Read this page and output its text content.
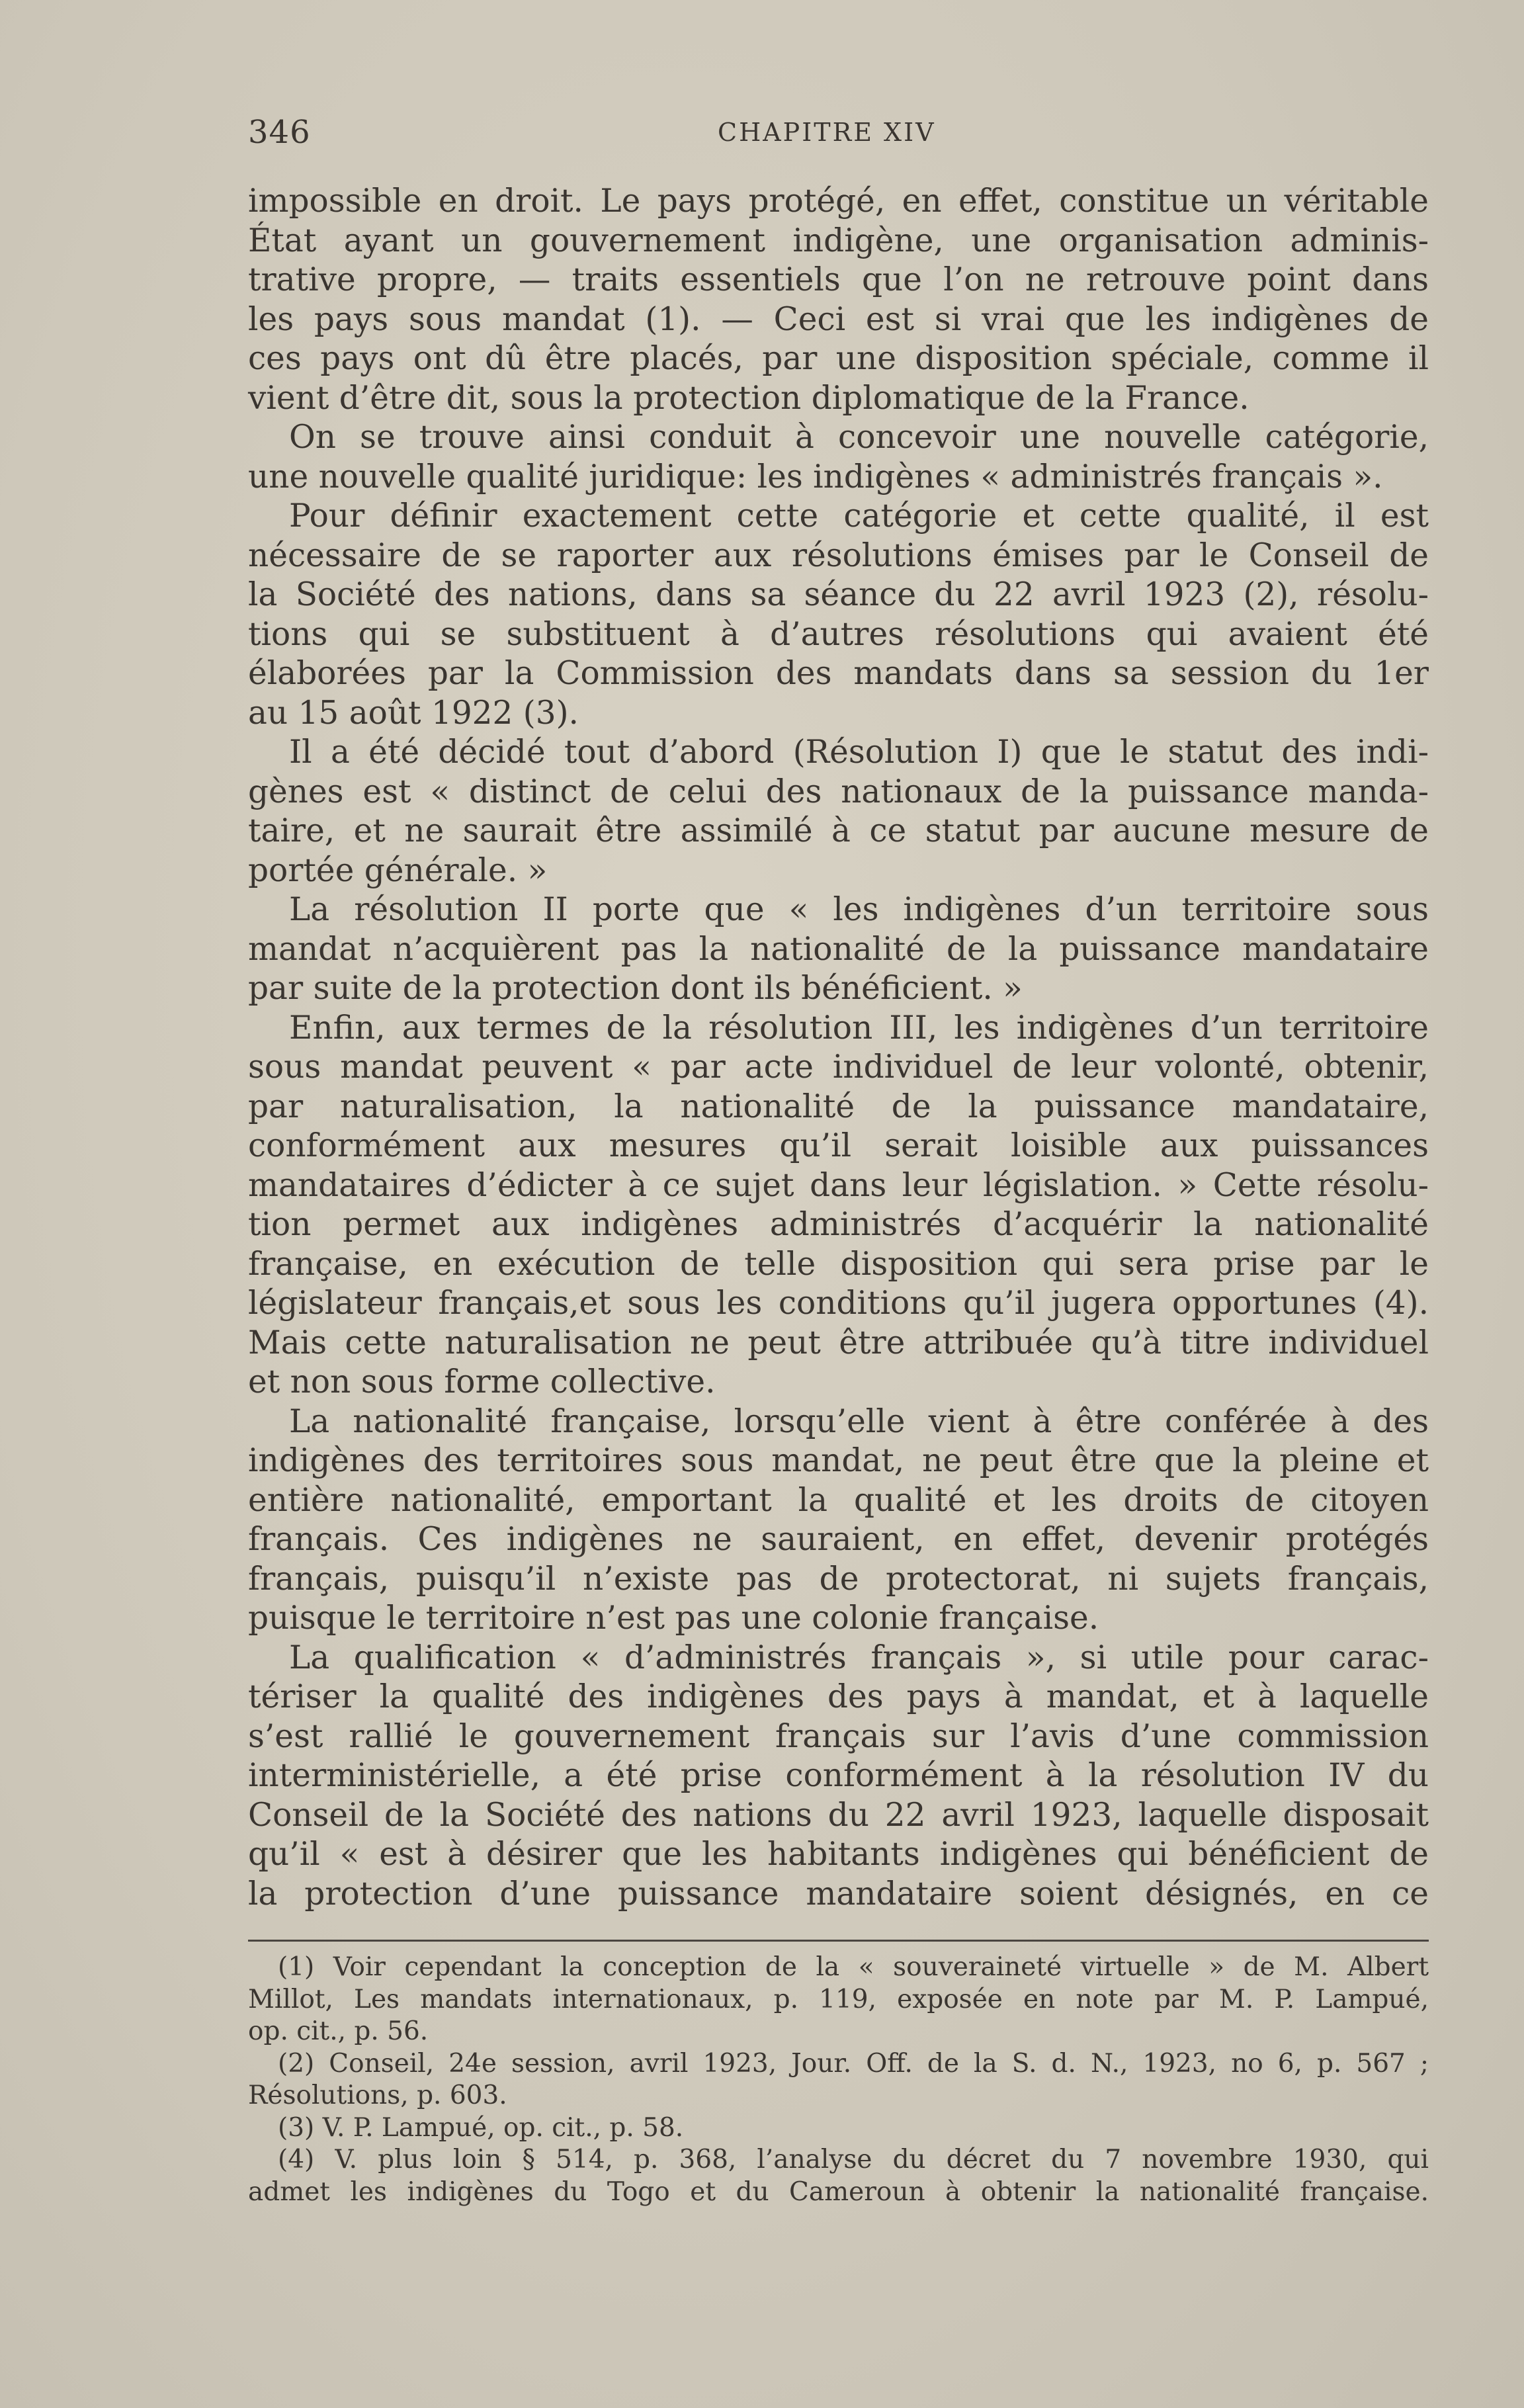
346	CHAPITRE XIV
impossible en droit. Le pays protégé, en effet, constitue un véritable
État ayant un gouvernement indigène, une organisation adminis-
trative propre, — traits essentiels que l’on ne retrouve point dans
les pays sous mandat (1). — Ceci est si vrai que les indigènes de
ces pays ont dû être placés, par une disposition spéciale, comme il
vient d’être dit, sous la protection diplomatique de la France.
On se trouve ainsi conduit à concevoir une nouvelle catégorie,
une nouvelle qualité juridique: les indigènes « administrés français ».
Pour définir exactement cette catégorie et cette qualité, il est
nécessaire de se raporter aux résolutions émises par le Conseil de
la Société des nations, dans sa séance du 22 avril 1923 (2), résolu-
tions qui se substituent à d’autres résolutions qui avaient été
élaborées par la Commission des mandats dans sa session du 1er
au 15 août 1922 (3).
Il a été décidé tout d’abord (Résolution I) que le statut des indi-
gènes est « distinct de celui des nationaux de la puissance manda-
taire, et ne saurait être assimilé à ce statut par aucune mesure de
portée générale. »
La résolution II porte que « les indigènes d’un territoire sous
mandat n’acquièrent pas la nationalité de la puissance mandataire
par suite de la protection dont ils bénéficient. »
Enfin, aux termes de la résolution III, les indigènes d’un territoire
sous mandat peuvent « par acte individuel de leur volonté, obtenir,
par naturalisation, la nationalité de la puissance mandataire,
conformément aux mesures qu’il serait loisible aux puissances
mandataires d’édicter à ce sujet dans leur législation. » Cette résolu-
tion permet aux indigènes administrés d’acquérir la nationalité
française, en exécution de telle disposition qui sera prise par le
législateur français,et sous les conditions qu’il jugera opportunes (4).
Mais cette naturalisation ne peut être attribuée qu’à titre individuel
et non sous forme collective.
La nationalité française, lorsqu’elle vient à être conférée à des
indigènes des territoires sous mandat, ne peut être que la pleine et
entière nationalité, emportant la qualité et les droits de citoyen
français. Ces indigènes ne sauraient, en effet, devenir protégés
français, puisqu’il n’existe pas de protectorat, ni sujets français,
puisque le territoire n’est pas une colonie française.
La qualification « d’administrés français », si utile pour carac-
tériser la qualité des indigènes des pays à mandat, et à laquelle
s’est rallié le gouvernement français sur l’avis d’une commission
interministérielle, a été prise conformément à la résolution IV du
Conseil de la Société des nations du 22 avril 1923, laquelle disposait
qu’il « est à désirer que les habitants indigènes qui bénéficient de
la protection d’une puissance mandataire soient désignés, en ce
(1) Voir cependant la conception de la « souveraineté virtuelle » de M. Albert
Millot, Les mandats internationaux, p. 119, exposée en note par M. P. Lampué,
op. cit., p. 56.
(2) Conseil, 24e session, avril 1923, Jour. Off. de la S. d. N., 1923, no 6, p. 567 ;
Résolutions, p. 603.
(3) V. P. Lampué, op. cit., p. 58.
(4) V. plus loin § 514, p. 368, l’analyse du décret du 7 novembre 1930, qui
admet les indigènes du Togo et du Cameroun à obtenir la nationalité française.
